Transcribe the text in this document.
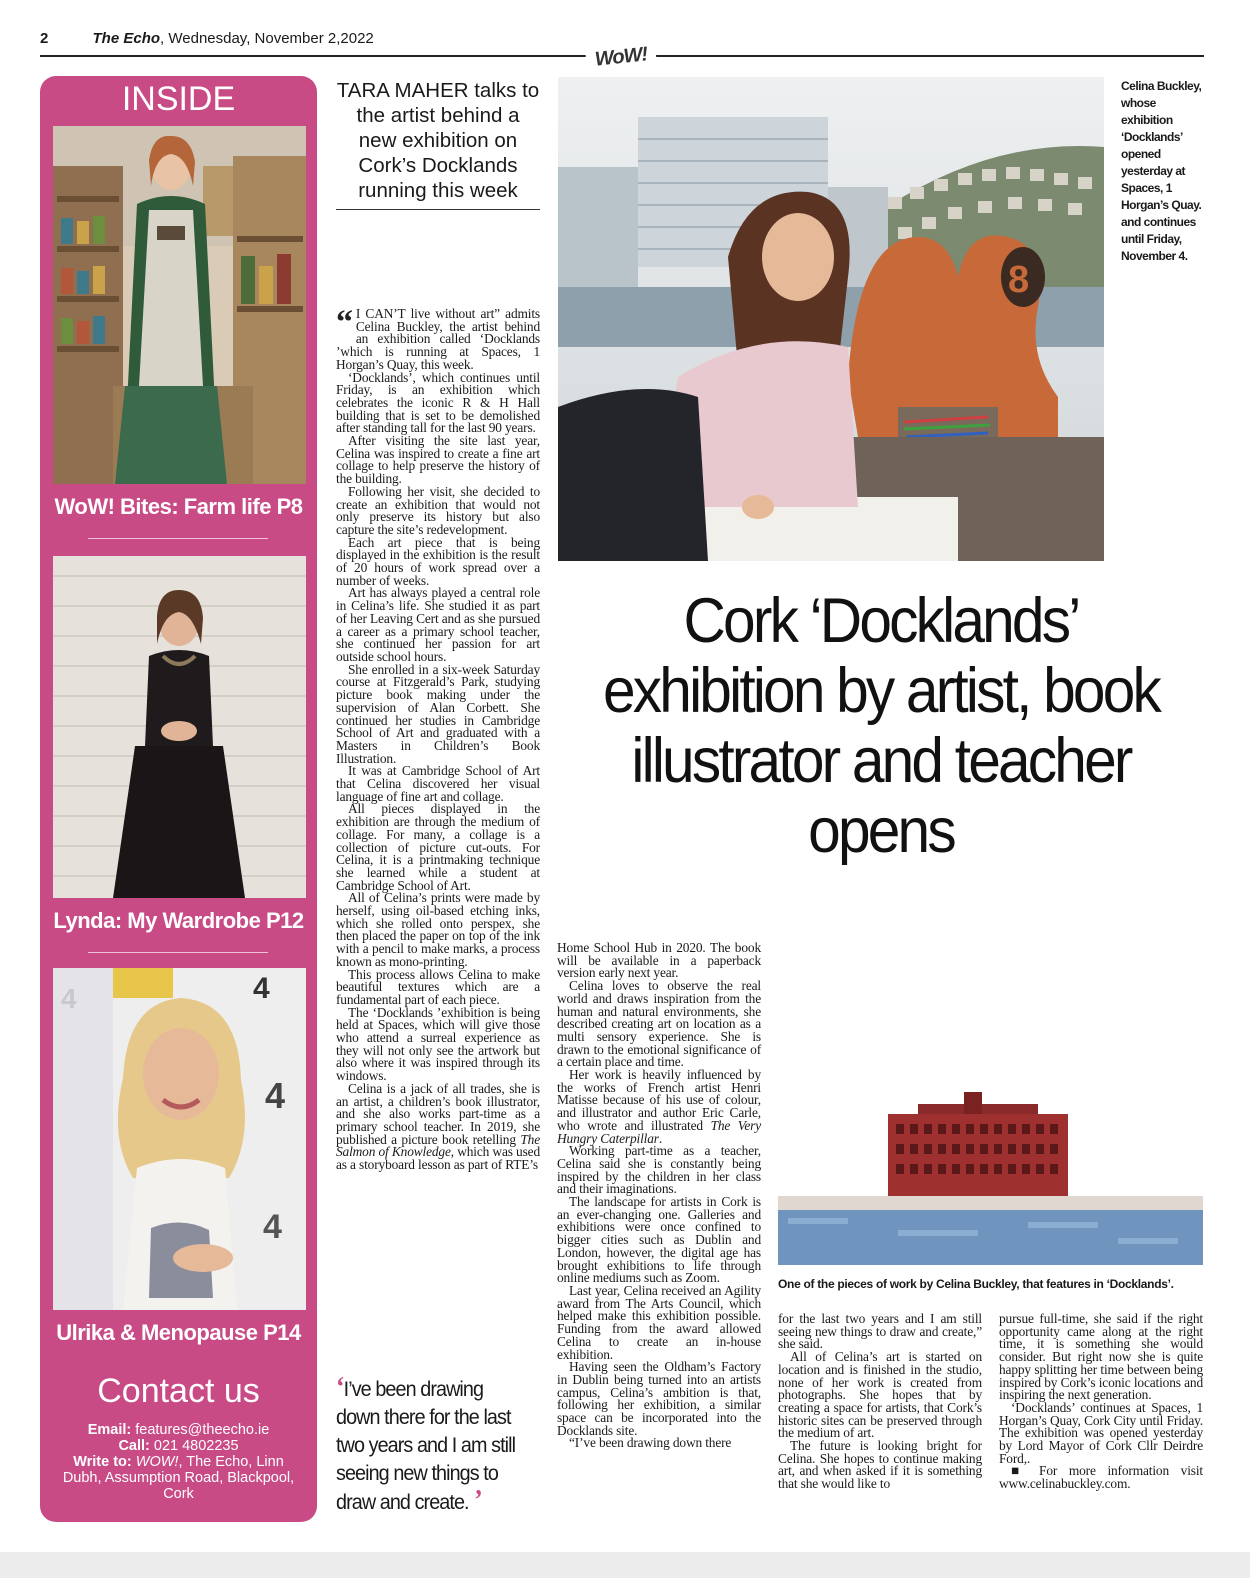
2	The Echo, Wednesday, November 2,2022
WoW!
INSIDE
WoW! Bites: Farm life P8
Lynda: My Wardrobe P12
4	4
4
4
Ulrika & Menopause P14
Contact us
Email: features@theecho.ie
Call: 021 4802235
Write to: WOW!, The Echo, Linn Dubh, Assumption Road, Blackpool, Cork
TARA MAHER talks to the artist behind a new exhibition on Cork’s Docklands running this week
8
Celina Buckley, whose exhibition ‘Docklands’ opened yesterday at Spaces, 1 Horgan’s Quay. and continues until Friday, November 4.
Cork ‘Docklands’ exhibition by artist, book illustrator and teacher opens

“ I CAN’T live without art” admits Celina Buckley, the artist behind an exhibition called ‘Docklands ’which is running at Spaces, 1 Horgan’s Quay, this week.

‘Docklands’, which continues until Friday, is an exhibition which celebrates the iconic R & H Hall building that is set to be demolished after standing tall for the last 90 years.

After visiting the site last year, Celina was inspired to create a fine art collage to help preserve the history of the building.

Following her visit, she decided to create an exhibition that would not only preserve its history but also capture the site’s redevelopment.

Each art piece that is being displayed in the exhibition is the result of 20 hours of work spread over a number of weeks.

Art has always played a central role in Celina’s life. She studied it as part of her Leaving Cert and as she pursued a career as a primary school teacher, she continued her passion for art outside school hours.

She enrolled in a six-week Saturday course at Fitzgerald’s Park, studying picture book making under the supervision of Alan Corbett. She continued her studies in Cambridge School of Art and graduated with a Masters in Children’s Book Illustration.

It was at Cambridge School of Art that Celina discovered her visual language of fine art and collage.

All pieces displayed in the exhibition are through the medium of collage. For many, a collage is a collection of picture cut-outs. For Celina, it is a printmaking technique she learned while a student at Cambridge School of Art.

All of Celina’s prints were made by herself, using oil-based etching inks, which she rolled onto perspex, she then placed the paper on top of the ink with a pencil to make marks, a process known as mono-printing.

This process allows Celina to make beautiful textures which are a fundamental part of each piece.

The ‘Docklands ’exhibition is being held at Spaces, which will give those who attend a surreal experience as they will not only see the artwork but also where it was inspired through its windows.

Celina is a jack of all trades, she is an artist, a children’s book illustrator, and she also works part-time as a primary school teacher. In 2019, she published a picture book retelling The Salmon of Knowledge, which was used as a storyboard lesson as part of RTE’s

‘I’ve been drawing down there for the last two years and I am still seeing new things to draw and create. ’

Home School Hub in 2020. The book will be available in a paperback version early next year.

Celina loves to observe the real world and draws inspiration from the human and natural environments, she described creating art on location as a multi sensory experience. She is drawn to the emotional significance of a certain place and time.

Her work is heavily influenced by the works of French artist Henri Matisse because of his use of colour, and illustrator and author Eric Carle, who wrote and illustrated The Very Hungry Caterpillar.

Working part-time as a teacher, Celina said she is constantly being inspired by the children in her class and their imaginations.

The landscape for artists in Cork is an ever-changing one. Galleries and exhibitions were once confined to bigger cities such as Dublin and London, however, the digital age has brought exhibitions to life through online mediums such as Zoom.

Last year, Celina received an Agility award from The Arts Council, which helped make this exhibition possible. Funding from the award allowed Celina to create an in-house exhibition.

Having seen the Oldham’s Factory in Dublin being turned into an artists campus, Celina’s ambition is that, following her exhibition, a similar space can be incorporated into the Docklands site.

“I’ve been drawing down there

One of the pieces of work by Celina Buckley, that features in ‘Docklands’.

for the last two years and I am still seeing new things to draw and create,” she said.

All of Celina’s art is started on location and is finished in the studio, none of her work is created from photographs. She hopes that by creating a space for artists, that Cork’s historic sites can be preserved through the medium of art.

The future is looking bright for Celina. She hopes to continue making art, and when asked if it is something that she would like to

pursue full-time, she said if the right opportunity came along at the right time, it is something she would consider. But right now she is quite happy splitting her time between being inspired by Cork’s iconic locations and inspiring the next generation.

‘Docklands’ continues at Spaces, 1 Horgan’s Quay, Cork City until Friday. The exhibition was opened yesterday by Lord Mayor of Cork Cllr Deirdre Ford,.

■ For more information visit www.celinabuckley.com.
